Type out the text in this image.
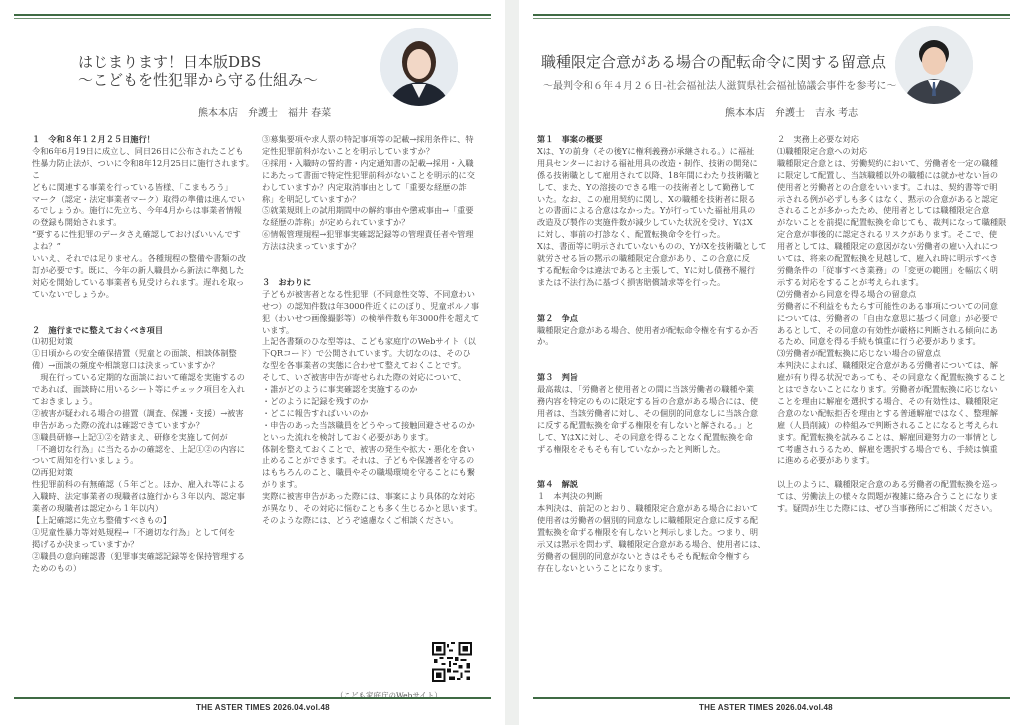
はじまります！日本版DBS
～こどもを性犯罪から守る仕組み～
熊本本店　弁護士　福井 春菜

１　令和８年１２月２５日施行！

令和6年6月19日に成立し、同日26日に公布されたこども

性暴力防止法が、ついに令和8年12月25日に施行されます。こ

どもに関連する事業を行っている皆様、「こまもろう」

マーク（認定・法定事業者マーク）取得の準備は進んでい

るでしょうか。施行に先立ち、今年4月からは事業者情報

の登録も開始されます。

“要するに性犯罪のデータさえ確認しておけばいいんです

よね？”

いいえ、それでは足りません。各種規程の整備や書類の改

訂が必要です。既に、今年の新人職員から新法に準拠した

対応を開始している事業者も見受けられます。遅れを取っ

ていないでしょうか。

２　施行までに整えておくべき項目

⑴初犯対策

①日頃からの安全確保措置（児童との面談、相談体制整

備）→面談の頻度や相談窓口は決まっていますか？

　現在行っている定期的な面談において確認を実施するの

であれば、面談時に用いるシート等にチェック項目を入れ

ておきましょう。

②被害が疑われる場合の措置（調査、保護・支援）→被害

申告があった際の流れは確認できていますか？

③職員研修→上記①②を踏まえ、研修を実施して何が

「不適切な行為」に当たるかの確認を、上記①②の内容に

ついて周知を行いましょう。

⑵再犯対策

性犯罪前科の有無確認（５年ごと。ほか、雇入れ等による

入職時、法定事業者の現職者は施行から３年以内、認定事

業者の現職者は認定から１年以内）

【上記確認に先立ち整備すべきもの】

①児童性暴力等対処規程→「不適切な行為」として何を

掲げるか決まっていますか？

②職員の意向確認書（犯罪事実確認記録等を保持管理する

ためのもの）

③募集要項や求人票の特記事項等の記載→採用条件に、特

定性犯罪前科がないことを明示していますか？

④採用・入職時の誓約書・内定通知書の記載→採用・入職

にあたって書面で特定性犯罪前科がないことを明示的に交

わしていますか？内定取消事由として「重要な経歴の詐

称」を明記していますか？

⑤就業規則上の試用期間中の解約事由や懲戒事由→「重要

な経歴の詐称」が定められていますか？

⑥情報管理規程→犯罪事実確認記録等の管理責任者や管理

方法は決まっていますか？

３　おわりに

子どもが被害者となる性犯罪（不同意性交等、不同意わい

せつ）の認知件数は年3000件近くにのぼり、児童ポルノ事

犯（わいせつ画像撮影等）の検挙件数も年3000件を超えて

います。

上記各書類のひな型等は、こども家庭庁のWebサイト（以

下QRコード）で公開されています。大切なのは、そのひ

な型を各事業者の実態に合わせて整えておくことです。

そして、いざ被害申告が寄せられた際の対応について、

・誰がどのように事実確認を実施するのか

・どのように記録を残すのか

・どこに報告すればいいのか

・申告のあった当該職員をどうやって接触回避させるのか

といった流れを検討しておく必要があります。

体制を整えておくことで、被害の発生や拡大・悪化を食い

止めることができます。それは、子どもや保護者を守るの

はもちろんのこと、職員やその職場環境を守ることにも繋

がります。

実際に被害申告があった際には、事案により具体的な対応

が異なり、その対応に悩むことも多く生じるかと思います。

そのような際には、どうぞ遠慮なくご相談ください。

（こども家庭庁のWebサイト）
THE ASTER TIMES 2026.04.vol.48
職種限定合意がある場合の配転命令に関する留意点
～最判令和６年４月２６日-社会福祉法人滋賀県社会福祉協議会事件を参考に～
熊本本店　弁護士　吉永 考志

第１　事案の概要

Xは、Yの前身（その後Yに権利義務が承継される。）に福祉

用具センターにおける福祉用具の改造・制作、技術の開発に

係る技術職として雇用されて以降、18年間にわたり技術職と

して、また、Yの溶接のできる唯一の技術者として勤務して

いた。なお、この雇用契約に関し、Xの職種を技術者に限る

との書面による合意はなかった。Yが行っていた福祉用具の

改造及び製作の実施件数が減少していた状況を受け、YはX

に対し、事前の打診なく、配置転換命令を行った。

Xは、書面等に明示されていないものの、YがXを技術職として

就労させる旨の黙示の職種限定合意があり、この合意に反

する配転命令は違法であると主張して、Yに対し債務不履行

または不法行為に基づく損害賠償請求等を行った。

第２　争点

職種限定合意がある場合、使用者が配転命令権を有するか否

か。

第３　判旨

最高裁は、「労働者と使用者との間に当該労働者の職種や業

務内容を特定のものに限定する旨の合意がある場合には、使

用者は、当該労働者に対し、その個別的同意なしに当該合意

に反する配置転換を命ずる権限を有しないと解される。」と

して、YはXに対し、その同意を得ることなく配置転換を命

ずる権限をそもそも有していなかったと判断した。

第４　解説

１　本判決の判断

本判決は、前記のとおり、職種限定合意がある場合において

使用者は労働者の個別的同意なしに職種限定合意に反する配

置転換を命ずる権限を有しないと判示しました。つまり、明

示又は黙示を問わず、職種限定合意がある場合、使用者には、

労働者の個別的同意がないときはそもそも配転命令権すら

存在しないということになります。

２　実務上必要な対応

⑴職種限定合意への対応

職種限定合意とは、労働契約において、労働者を一定の職種

に限定して配置し、当該職種以外の職種には就かせない旨の

使用者と労働者との合意をいいます。これは、契約書等で明

示される例が必ずしも多くはなく、黙示の合意があると認定

されることが多かったため、使用者としては職種限定合意

がないことを前提に配置転換を命じても、裁判になって職種限

定合意が事後的に認定されるリスクがあります。そこで、使

用者としては、職種限定の意図がない労働者の雇い入れにつ

いては、将来の配置転換を見越して、雇入れ時に明示すべき

労働条件の「従事すべき業務」の「変更の範囲」を幅広く明

示する対応をすることが考えられます。

⑵労働者から同意を得る場合の留意点

労働者に不利益をもたらす可能性のある事項についての同意

については、労働者の「自由な意思に基づく同意」が必要で

あるとして、その同意の有効性が厳格に判断される傾向にあ

るため、同意を得る手続も慎重に行う必要があります。

⑶労働者が配置転換に応じない場合の留意点

本判決によれば、職種限定合意がある労働者については、解

雇が有り得る状況であっても、その同意なく配置転換すること

とはできないことになります。労働者が配置転換に応じない

ことを理由に解雇を選択する場合、その有効性は、職種限定

合意のない配転拒否を理由とする普通解雇ではなく、整理解

雇（人員削減）の枠組みで判断されることになると考えられ

ます。配置転換を試みることは、解雇回避努力の一事情とし

て考慮されうるため、解雇を選択する場合でも、手続は慎重

に進める必要があります。

以上のように、職種限定合意のある労働者の配置転換を巡っ

ては、労働法上の様々な問題が複雑に絡み合うことになりま

す。疑問が生じた際には、ぜひ当事務所にご相談ください。

THE ASTER TIMES 2026.04.vol.48
